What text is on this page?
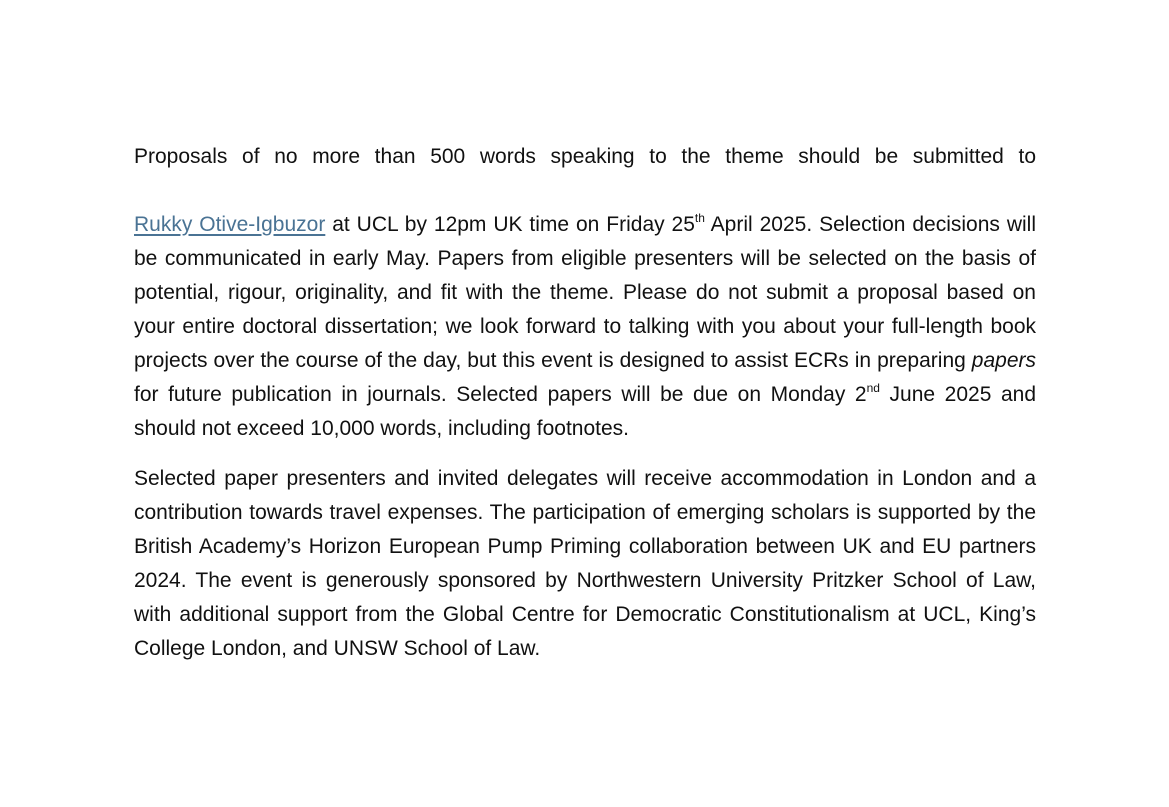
Proposals of no more than 500 words speaking to the theme should be submitted to

Rukky Otive-Igbuzor at UCL by 12pm UK time on Friday 25th April 2025. Selection decisions will be communicated in early May. Papers from eligible presenters will be selected on the basis of potential, rigour, originality, and fit with the theme. Please do not submit a proposal based on your entire doctoral dissertation; we look forward to talking with you about your full-length book projects over the course of the day, but this event is designed to assist ECRs in preparing papers for future publication in journals. Selected papers will be due on Monday 2nd June 2025 and should not exceed 10,000 words, including footnotes.

Selected paper presenters and invited delegates will receive accommodation in London and a contribution towards travel expenses. The participation of emerging scholars is supported by the British Academy’s Horizon European Pump Priming collaboration between UK and EU partners 2024. The event is generously sponsored by Northwestern University Pritzker School of Law, with additional support from the Global Centre for Democratic Constitutionalism at UCL, King’s College London, and UNSW School of Law.
